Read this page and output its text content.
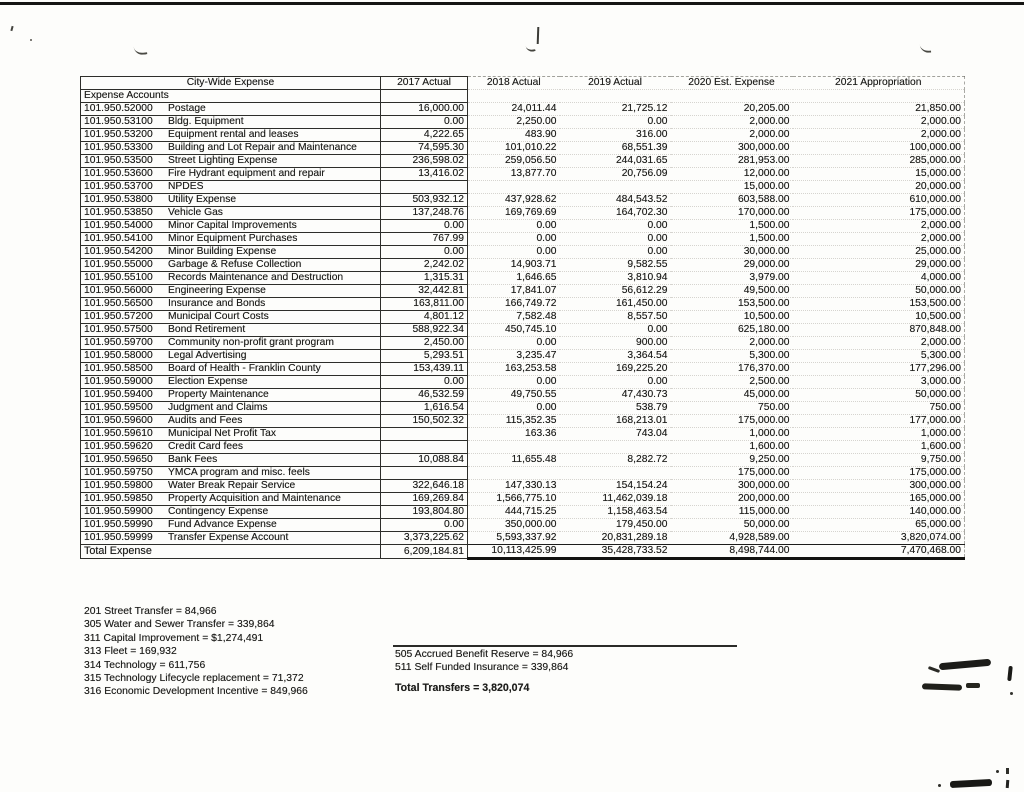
City-Wide Expense	2017 Actual	2018 Actual	2019 Actual	2020 Est. Expense	2021 Appropriation
Expense Accounts					
101.950.52000 Postage	16,000.00	24,011.44	21,725.12	20,205.00	21,850.00
101.950.53100 Bldg. Equipment	0.00	2,250.00	0.00	2,000.00	2,000.00
101.950.53200 Equipment rental and leases	4,222.65	483.90	316.00	2,000.00	2,000.00
101.950.53300 Building and Lot Repair and Maintenance	74,595.30	101,010.22	68,551.39	300,000.00	100,000.00
101.950.53500 Street Lighting Expense	236,598.02	259,056.50	244,031.65	281,953.00	285,000.00
101.950.53600 Fire Hydrant equipment and repair	13,416.02	13,877.70	20,756.09	12,000.00	15,000.00
101.950.53700 NPDES				15,000.00	20,000.00
101.950.53800 Utility Expense	503,932.12	437,928.62	484,543.52	603,588.00	610,000.00
101.950.53850 Vehicle Gas	137,248.76	169,769.69	164,702.30	170,000.00	175,000.00
101.950.54000 Minor Capital Improvements	0.00	0.00	0.00	1,500.00	2,000.00
101.950.54100 Minor Equipment Purchases	767.99	0.00	0.00	1,500.00	2,000.00
101.950.54200 Minor Building Expense	0.00	0.00	0.00	30,000.00	25,000.00
101.950.55000 Garbage & Refuse Collection	2,242.02	14,903.71	9,582.55	29,000.00	29,000.00
101.950.55100 Records Maintenance and Destruction	1,315.31	1,646.65	3,810.94	3,979.00	4,000.00
101.950.56000 Engineering Expense	32,442.81	17,841.07	56,612.29	49,500.00	50,000.00
101.950.56500 Insurance and Bonds	163,811.00	166,749.72	161,450.00	153,500.00	153,500.00
101.950.57200 Municipal Court Costs	4,801.12	7,582.48	8,557.50	10,500.00	10,500.00
101.950.57500 Bond Retirement	588,922.34	450,745.10	0.00	625,180.00	870,848.00
101.950.59700 Community non-profit grant program	2,450.00	0.00	900.00	2,000.00	2,000.00
101.950.58000 Legal Advertising	5,293.51	3,235.47	3,364.54	5,300.00	5,300.00
101.950.58500 Board of Health - Franklin County	153,439.11	163,253.58	169,225.20	176,370.00	177,296.00
101.950.59000 Election Expense	0.00	0.00	0.00	2,500.00	3,000.00
101.950.59400 Property Maintenance	46,532.59	49,750.55	47,430.73	45,000.00	50,000.00
101.950.59500 Judgment and Claims	1,616.54	0.00	538.79	750.00	750.00
101.950.59600 Audits and Fees	150,502.32	115,352.35	168,213.01	175,000.00	177,000.00
101.950.59610 Municipal Net Profit Tax		163.36	743.04	1,000.00	1,000.00
101.950.59620 Credit Card fees				1,600.00	1,600.00
101.950.59650 Bank Fees	10,088.84	11,655.48	8,282.72	9,250.00	9,750.00
101.950.59750 YMCA program and misc. feels				175,000.00	175,000.00
101.950.59800 Water Break Repair Service	322,646.18	147,330.13	154,154.24	300,000.00	300,000.00
101.950.59850 Property Acquisition and Maintenance	169,269.84	1,566,775.10	11,462,039.18	200,000.00	165,000.00
101.950.59900 Contingency Expense	193,804.80	444,715.25	1,158,463.54	115,000.00	140,000.00
101.950.59990 Fund Advance Expense	0.00	350,000.00	179,450.00	50,000.00	65,000.00
101.950.59999 Transfer Expense Account	3,373,225.62	5,593,337.92	20,831,289.18	4,928,589.00	3,820,074.00
Total Expense	6,209,184.81	10,113,425.99	35,428,733.52	8,498,744.00	7,470,468.00
201 Street Transfer = 84,966
305 Water and Sewer Transfer = 339,864
311 Capital Improvement = $1,274,491
313 Fleet = 169,932
314 Technology = 611,756
315 Technology Lifecycle replacement = 71,372
316 Economic Development Incentive = 849,966
505 Accrued Benefit Reserve = 84,966
511 Self Funded Insurance = 339,864
Total Transfers = 3,820,074
